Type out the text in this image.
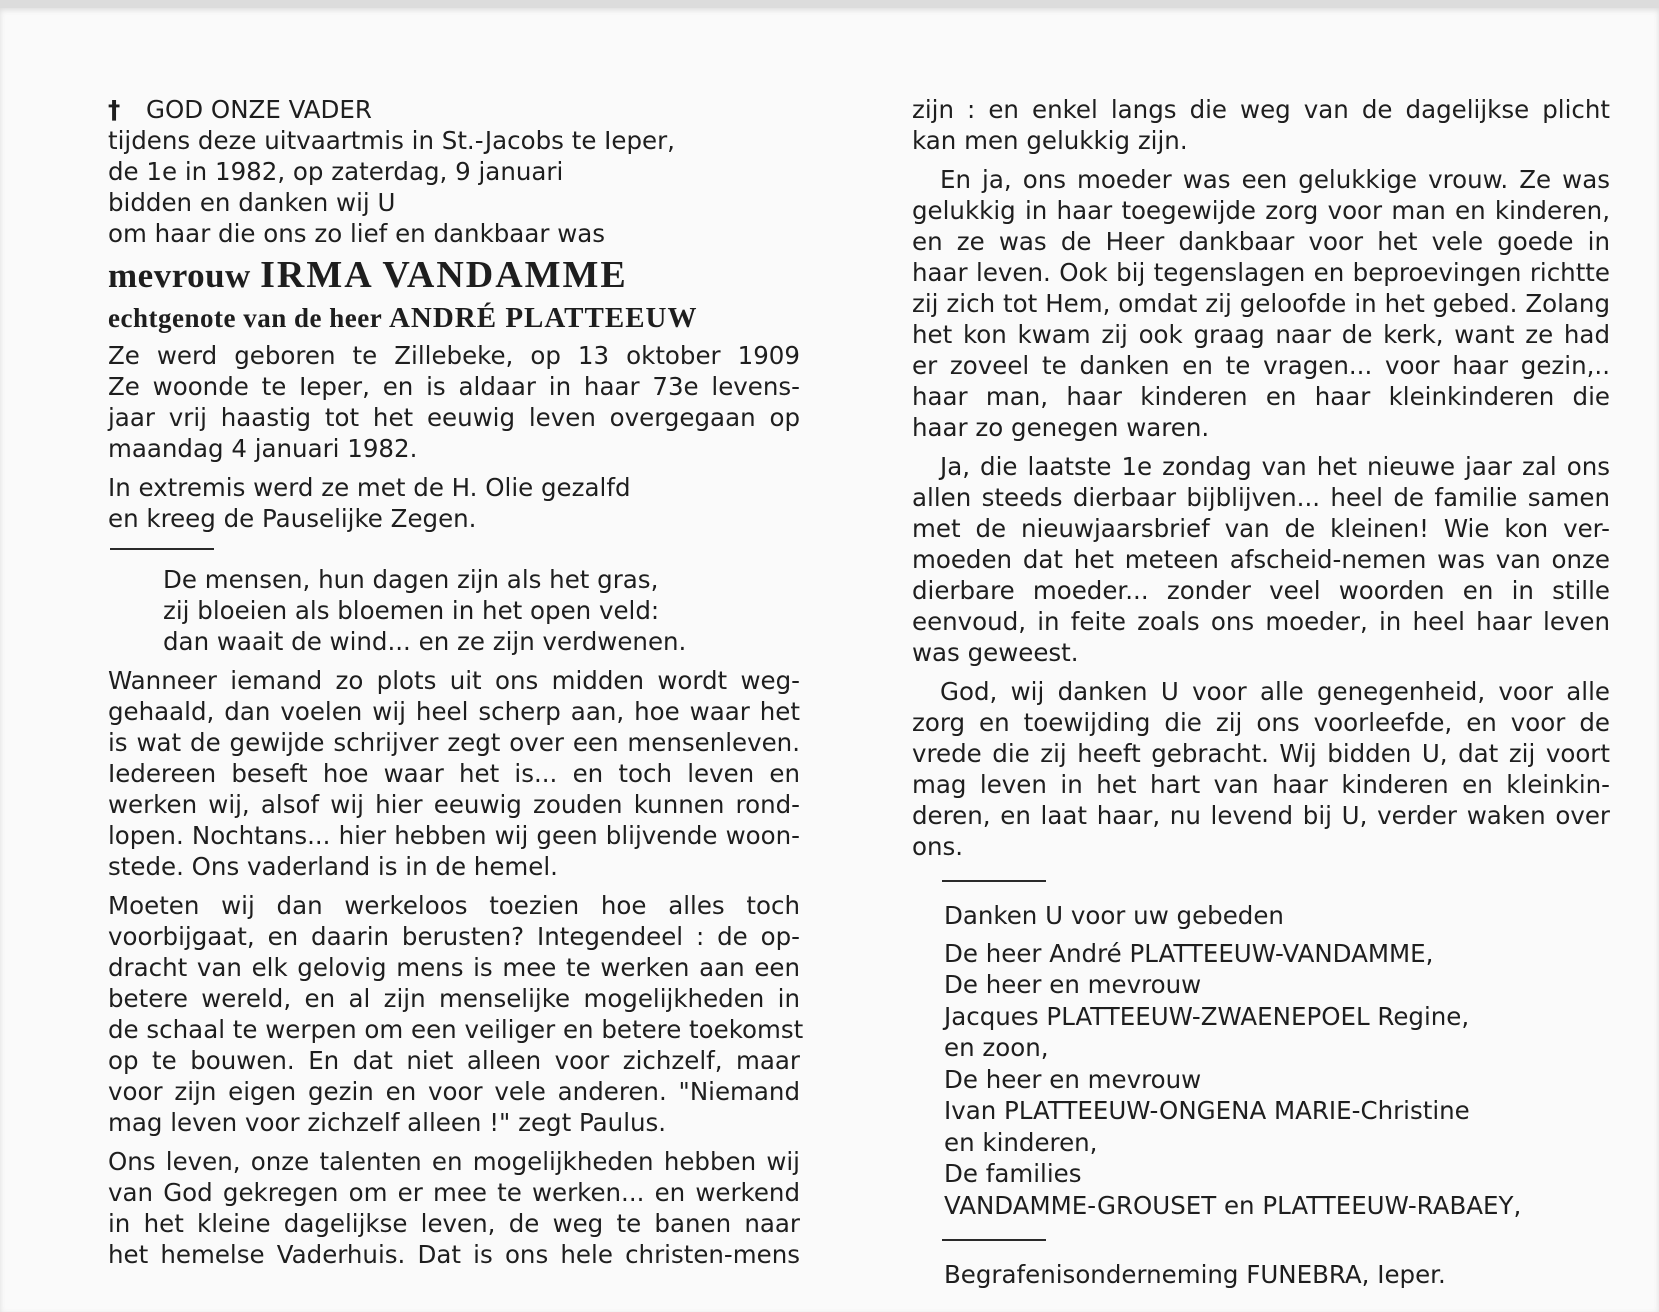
† GOD ONZE VADER
tijdens deze uitvaartmis in St.-Jacobs te Ieper,
de 1e in 1982, op zaterdag, 9 januari
bidden en danken wij U
om haar die ons zo lief en dankbaar was
mevrouw IRMA VANDAMME
echtgenote van de heer ANDRÉ PLATTEEUW
Ze werd geboren te Zillebeke, op 13 oktober 1909
Ze woonde te Ieper, en is aldaar in haar 73e levens-
jaar vrij haastig tot het eeuwig leven overgegaan op
maandag 4 januari 1982.
In extremis werd ze met de H. Olie gezalfd
en kreeg de Pauselijke Zegen.
De mensen, hun dagen zijn als het gras,
zij bloeien als bloemen in het open veld:
dan waait de wind... en ze zijn verdwenen.
Wanneer iemand zo plots uit ons midden wordt weg-
gehaald, dan voelen wij heel scherp aan, hoe waar het
is wat de gewijde schrijver zegt over een mensenleven.
Iedereen beseft hoe waar het is... en toch leven en
werken wij, alsof wij hier eeuwig zouden kunnen rond-
lopen. Nochtans... hier hebben wij geen blijvende woon-
stede. Ons vaderland is in de hemel.
Moeten wij dan werkeloos toezien hoe alles toch
voorbijgaat, en daarin berusten? Integendeel : de op-
dracht van elk gelovig mens is mee te werken aan een
betere wereld, en al zijn menselijke mogelijkheden in
de schaal te werpen om een veiliger en betere toekomst
op te bouwen. En dat niet alleen voor zichzelf, maar
voor zijn eigen gezin en voor vele anderen. "Niemand
mag leven voor zichzelf alleen !" zegt Paulus.
Ons leven, onze talenten en mogelijkheden hebben wij
van God gekregen om er mee te werken... en werkend
in het kleine dagelijkse leven, de weg te banen naar
het hemelse Vaderhuis. Dat is ons hele christen-mens
zijn : en enkel langs die weg van de dagelijkse plicht
kan men gelukkig zijn.
En ja, ons moeder was een gelukkige vrouw. Ze was
gelukkig in haar toegewijde zorg voor man en kinderen,
en ze was de Heer dankbaar voor het vele goede in
haar leven. Ook bij tegenslagen en beproevingen richtte
zij zich tot Hem, omdat zij geloofde in het gebed. Zolang
het kon kwam zij ook graag naar de kerk, want ze had
er zoveel te danken en te vragen... voor haar gezin,..
haar man, haar kinderen en haar kleinkinderen die
haar zo genegen waren.
Ja, die laatste 1e zondag van het nieuwe jaar zal ons
allen steeds dierbaar bijblijven... heel de familie samen
met de nieuwjaarsbrief van de kleinen! Wie kon ver-
moeden dat het meteen afscheid-nemen was van onze
dierbare moeder... zonder veel woorden en in stille
eenvoud, in feite zoals ons moeder, in heel haar leven
was geweest.
God, wij danken U voor alle genegenheid, voor alle
zorg en toewijding die zij ons voorleefde, en voor de
vrede die zij heeft gebracht. Wij bidden U, dat zij voort
mag leven in het hart van haar kinderen en kleinkin-
deren, en laat haar, nu levend bij U, verder waken over
ons.
Danken U voor uw gebeden
De heer André PLATTEEUW-VANDAMME,
De heer en mevrouw
Jacques PLATTEEUW-ZWAENEPOEL Regine,
en zoon,
De heer en mevrouw
Ivan PLATTEEUW-ONGENA MARIE-Christine
en kinderen,
De families
VANDAMME-GROUSET en PLATTEEUW-RABAEY,
Begrafenisonderneming FUNEBRA, Ieper.
